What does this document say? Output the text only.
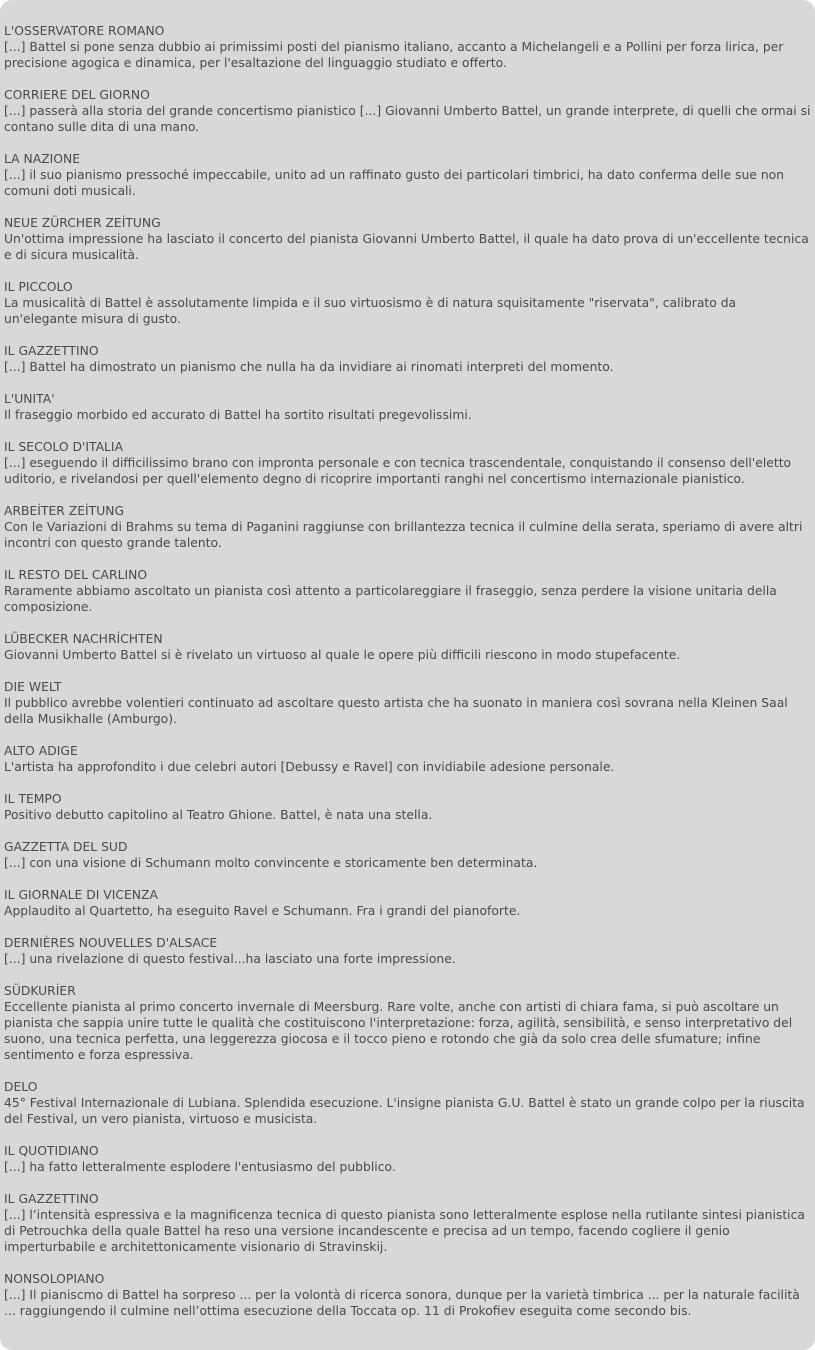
L'OSSERVATORE ROMANO

[...] Battel si pone senza dubbio ai primissimi posti del pianismo italiano, accanto a Michelangeli e a Pollini per forza lirica, per precisione agogica e dinamica, per l'esaltazione del linguaggio studiato e offerto.

CORRIERE DEL GIORNO

[...] passerà alla storia del grande concertismo pianistico [...] Giovanni Umberto Battel, un grande interprete, di quelli che ormai si contano sulle dita di una mano.

LA NAZIONE

[...] il suo pianismo pressoché impeccabile, unito ad un raffinato gusto dei particolari timbrici, ha dato conferma delle sue non comuni doti musicali.

NEUE ZÜRCHER ZEÍTUNG

Un'ottima impressione ha lasciato il concerto del pianista Giovanni Umberto Battel, il quale ha dato prova di un'eccellente tecnica e di sicura musicalità.

IL PICCOLO

La musicalità di Battel è assolutamente limpida e il suo virtuosismo è di natura squisitamente "riservata", calibrato da un'elegante misura di gusto.

IL GAZZETTINO

[...] Battel ha dimostrato un pianismo che nulla ha da invidiare ai rinomati interpreti del momento.

L'UNITA'

Il fraseggio morbido ed accurato di Battel ha sortito risultati pregevolissimi.

IL SECOLO D'ITALIA

[...] eseguendo il difficilissimo brano con impronta personale e con tecnica trascendentale, conquistando il consenso dell'eletto uditorio, e rivelandosi per quell'elemento degno di ricoprire importanti ranghi nel concertismo internazionale pianistico.

ARBEÍTER ZEÍTUNG

Con le Variazioni di Brahms su tema di Paganini raggiunse con brillantezza tecnica il culmine della serata, speriamo di avere altri incontri con questo grande talento.

IL RESTO DEL CARLINO

Raramente abbiamo ascoltato un pianista così attento a particolareggiare il fraseggio, senza perdere la visione unitaria della composizione.

LÜBECKER NACHRÍCHTEN

Giovanni Umberto Battel si è rivelato un virtuoso al quale le opere più difficili riescono in modo stupefacente.

DIE WELT

Il pubblico avrebbe volentieri continuato ad ascoltare questo artista che ha suonato in maniera così sovrana nella Kleinen Saal della Musikhalle (Amburgo).

ALTO ADIGE

L'artista ha approfondito i due celebri autori [Debussy e Ravel] con invidiabile adesione personale.

IL TEMPO

Positivo debutto capitolino al Teatro Ghione. Battel, è nata una stella.

GAZZETTA DEL SUD

[...] con una visione di Schumann molto convincente e storicamente ben determinata.

IL GIORNALE DI VICENZA

Applaudito al Quartetto, ha eseguito Ravel e Schumann. Fra i grandi del pianoforte.

DERNIÈRES NOUVELLES D'ALSACE

[...] una rivelazione di questo festival...ha lasciato una forte impressione.

SÜDKURÍER

Eccellente pianista al primo concerto invernale di Meersburg. Rare volte, anche con artisti di chiara fama, si può ascoltare un pianista che sappia unire tutte le qualità che costituiscono l'interpretazione: forza, agilità, sensibilità, e senso interpretativo del suono, una tecnica perfetta, una leggerezza giocosa e il tocco pieno e rotondo che già da solo crea delle sfumature; infine sentimento e forza espressiva.

DELO

45° Festival Internazionale di Lubiana. Splendida esecuzione. L'insigne pianista G.U. Battel è stato un grande colpo per la riuscita del Festival, un vero pianista, virtuoso e musicista.

IL QUOTIDIANO

[...] ha fatto letteralmente esplodere l'entusiasmo del pubblico.

IL GAZZETTINO

[...] l’intensità espressiva e la magnificenza tecnica di questo pianista sono letteralmente esplose nella rutilante sintesi pianistica di Petrouchka della quale Battel ha reso una versione incandescente e precisa ad un tempo, facendo cogliere il genio imperturbabile e architettonicamente visionario di Stravinskij.

NONSOLOPIANO

[...] Il pianiscmo di Battel ha sorpreso ... per la volontà di ricerca sonora, dunque per la varietà timbrica ... per la naturale facilità ... raggiungendo il culmine nell’ottima esecuzione della Toccata op. 11 di Prokofiev eseguita come secondo bis.
